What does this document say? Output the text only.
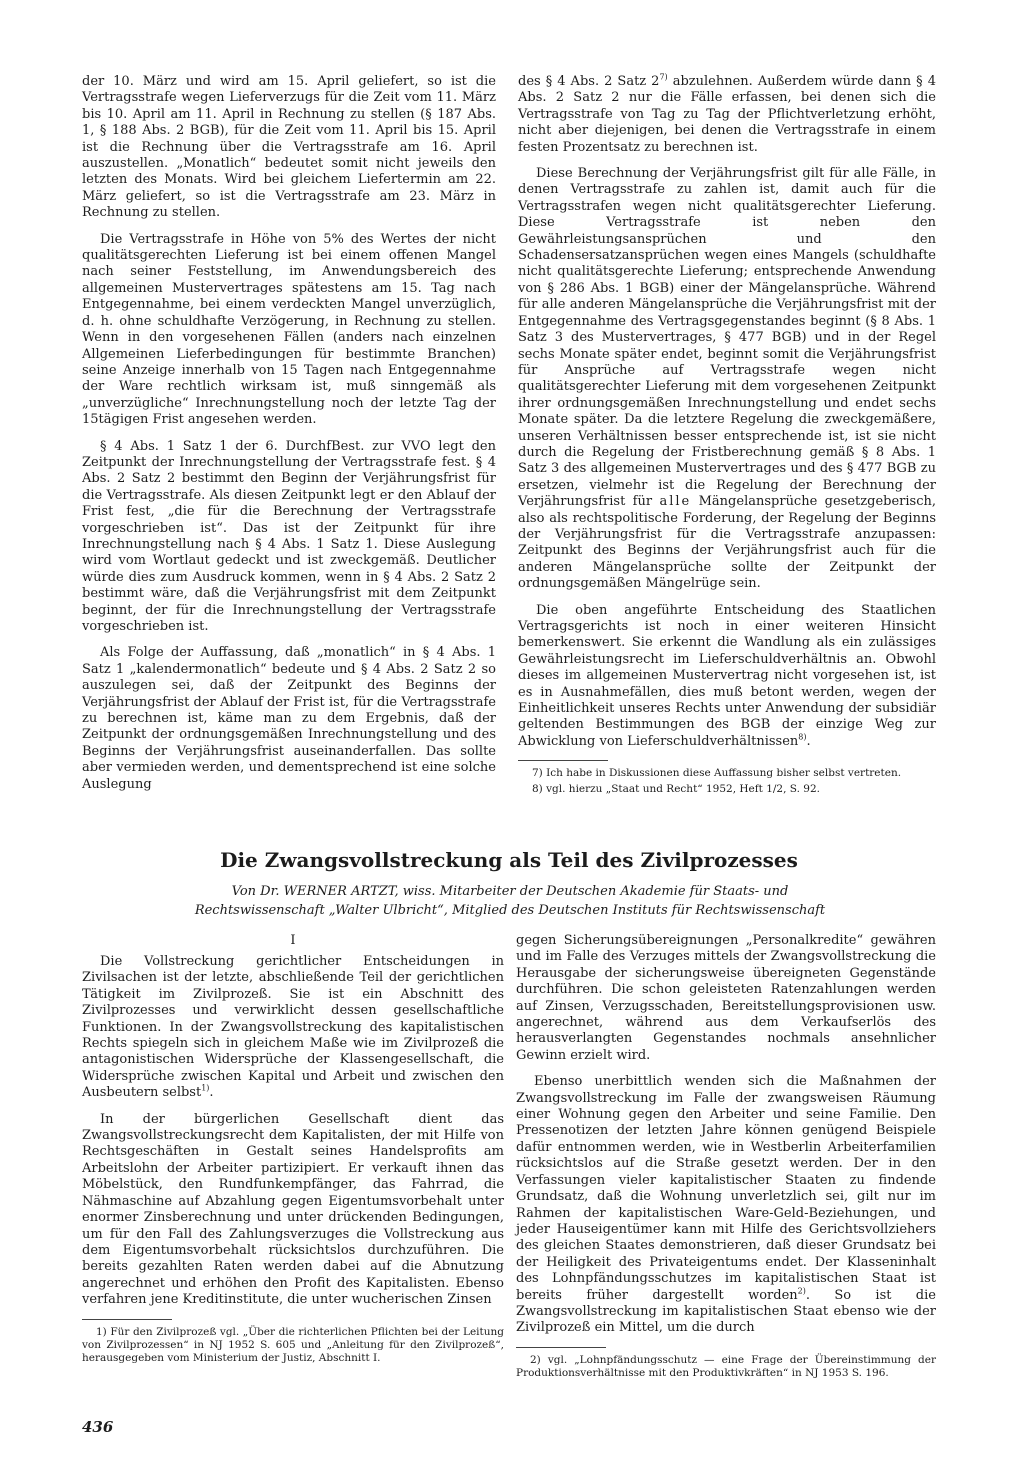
der 10. März und wird am 15. April geliefert, so ist die Vertragsstrafe wegen Lieferverzugs für die Zeit vom 11. März bis 10. April am 11. April in Rechnung zu stellen (§ 187 Abs. 1, § 188 Abs. 2 BGB), für die Zeit vom 11. April bis 15. April ist die Rechnung über die Vertragsstrafe am 16. April auszustellen. „Monatlich“ bedeutet somit nicht jeweils den letzten des Monats. Wird bei gleichem Liefertermin am 22. März geliefert, so ist die Vertragsstrafe am 23. März in Rechnung zu stellen.

Die Vertragsstrafe in Höhe von 5% des Wertes der nicht qualitätsgerechten Lieferung ist bei einem offenen Mangel nach seiner Feststellung, im Anwendungsbereich des allgemeinen Mustervertrages spätestens am 15. Tag nach Entgegennahme, bei einem verdeckten Mangel unverzüglich, d. h. ohne schuldhafte Verzögerung, in Rechnung zu stellen. Wenn in den vorgesehenen Fällen (anders nach einzelnen Allgemeinen Lieferbedingungen für bestimmte Branchen) seine Anzeige innerhalb von 15 Tagen nach Entgegennahme der Ware rechtlich wirksam ist, muß sinngemäß als „unverzügliche“ Inrechnungstellung noch der letzte Tag der 15tägigen Frist angesehen werden.

§ 4 Abs. 1 Satz 1 der 6. DurchfBest. zur VVO legt den Zeitpunkt der Inrechnungstellung der Vertragsstrafe fest. § 4 Abs. 2 Satz 2 bestimmt den Beginn der Verjährungsfrist für die Vertragsstrafe. Als diesen Zeitpunkt legt er den Ablauf der Frist fest, „die für die Berechnung der Vertragsstrafe vorgeschrieben ist“. Das ist der Zeitpunkt für ihre Inrechnungstellung nach § 4 Abs. 1 Satz 1. Diese Auslegung wird vom Wortlaut gedeckt und ist zweckgemäß. Deutlicher würde dies zum Ausdruck kommen, wenn in § 4 Abs. 2 Satz 2 bestimmt wäre, daß die Verjährungsfrist mit dem Zeitpunkt beginnt, der für die Inrechnungstellung der Vertragsstrafe vorgeschrieben ist.

Als Folge der Auffassung, daß „monatlich“ in § 4 Abs. 1 Satz 1 „kalendermonatlich“ bedeute und § 4 Abs. 2 Satz 2 so auszulegen sei, daß der Zeitpunkt des Beginns der Verjährungsfrist der Ablauf der Frist ist, für die Vertragsstrafe zu berechnen ist, käme man zu dem Ergebnis, daß der Zeitpunkt der ordnungsgemäßen Inrechnungstellung und des Beginns der Verjährungsfrist auseinanderfallen. Das sollte aber vermieden werden, und dementsprechend ist eine solche Auslegung

des § 4 Abs. 2 Satz 2$^{7)}$ abzulehnen. Außerdem würde dann § 4 Abs. 2 Satz 2 nur die Fälle erfassen, bei denen sich die Vertragsstrafe von Tag zu Tag der Pflichtverletzung erhöht, nicht aber diejenigen, bei denen die Vertragsstrafe in einem festen Prozentsatz zu berechnen ist.

Diese Berechnung der Verjährungsfrist gilt für alle Fälle, in denen Vertragsstrafe zu zahlen ist, damit auch für die Vertragsstrafen wegen nicht qualitätsgerechter Lieferung. Diese Vertragsstrafe ist neben den Gewährleistungsansprüchen und den Schadensersatzansprüchen wegen eines Mangels (schuldhafte nicht qualitätsgerechte Lieferung; entsprechende Anwendung von § 286 Abs. 1 BGB) einer der Mängelansprüche. Während für alle anderen Mängelansprüche die Verjährungsfrist mit der Entgegennahme des Vertragsgegenstandes beginnt (§ 8 Abs. 1 Satz 3 des Mustervertrages, § 477 BGB) und in der Regel sechs Monate später endet, beginnt somit die Verjährungsfrist für Ansprüche auf Vertragsstrafe wegen nicht qualitätsgerechter Lieferung mit dem vorgesehenen Zeitpunkt ihrer ordnungsgemäßen Inrechnungstellung und endet sechs Monate später. Da die letztere Regelung die zweckgemäßere, unseren Verhältnissen besser entsprechende ist, ist sie nicht durch die Regelung der Fristberechnung gemäß § 8 Abs. 1 Satz 3 des allgemeinen Mustervertrages und des § 477 BGB zu ersetzen, vielmehr ist die Regelung der Berechnung der Verjährungsfrist für alle Mängelansprüche gesetzgeberisch, also als rechtspolitische Forderung, der Regelung der Beginns der Verjährungsfrist für die Vertragsstrafe anzupassen: Zeitpunkt des Beginns der Verjährungsfrist auch für die anderen Mängelansprüche sollte der Zeitpunkt der ordnungsgemäßen Mängelrüge sein.

Die oben angeführte Entscheidung des Staatlichen Vertragsgerichts ist noch in einer weiteren Hinsicht bemerkenswert. Sie erkennt die Wandlung als ein zulässiges Gewährleistungsrecht im Lieferschuldverhältnis an. Obwohl dieses im allgemeinen Mustervertrag nicht vorgesehen ist, ist es in Ausnahmefällen, dies muß betont werden, wegen der Einheitlichkeit unseres Rechts unter Anwendung der subsidiär geltenden Bestimmungen des BGB der einzige Weg zur Abwicklung von Lieferschuldverhältnissen$^{8)}$.

7) Ich habe in Diskussionen diese Auffassung bisher selbst vertreten.

8) vgl. hierzu „Staat und Recht“ 1952, Heft 1/2, S. 92.

Die Zwangsvollstreckung als Teil des Zivilprozesses
Von Dr. WERNER ARTZT, wiss. Mitarbeiter der Deutschen Akademie für Staats- und
Rechtswissenschaft „Walter Ulbricht“, Mitglied des Deutschen Instituts für Rechtswissenschaft

I

Die Vollstreckung gerichtlicher Entscheidungen in Zivilsachen ist der letzte, abschließende Teil der gerichtlichen Tätigkeit im Zivilprozeß. Sie ist ein Abschnitt des Zivilprozesses und verwirklicht dessen gesellschaftliche Funktionen. In der Zwangsvollstreckung des kapitalistischen Rechts spiegeln sich in gleichem Maße wie im Zivilprozeß die antagonistischen Widersprüche der Klassengesellschaft, die Widersprüche zwischen Kapital und Arbeit und zwischen den Ausbeutern selbst$^{1)}$.

In der bürgerlichen Gesellschaft dient das Zwangsvollstreckungsrecht dem Kapitalisten, der mit Hilfe von Rechtsgeschäften in Gestalt seines Handelsprofits am Arbeitslohn der Arbeiter partizipiert. Er verkauft ihnen das Möbelstück, den Rundfunkempfänger, das Fahrrad, die Nähmaschine auf Abzahlung gegen Eigentumsvorbehalt unter enormer Zinsberechnung und unter drückenden Bedingungen, um für den Fall des Zahlungsverzuges die Vollstreckung aus dem Eigentumsvorbehalt rücksichtslos durchzuführen. Die bereits gezahlten Raten werden dabei auf die Abnutzung angerechnet und erhöhen den Profit des Kapitalisten. Ebenso verfahren jene Kreditinstitute, die unter wucherischen Zinsen

1) Für den Zivilprozeß vgl. „Über die richterlichen Pflichten bei der Leitung von Zivilprozessen“ in NJ 1952 S. 605 und „Anleitung für den Zivilprozeß“, herausgegeben vom Ministerium der Justiz, Abschnitt I.

gegen Sicherungsübereignungen „Personalkredite“ gewähren und im Falle des Verzuges mittels der Zwangsvollstreckung die Herausgabe der sicherungsweise übereigneten Gegenstände durchführen. Die schon geleisteten Ratenzahlungen werden auf Zinsen, Verzugsschaden, Bereitstellungsprovisionen usw. angerechnet, während aus dem Verkaufserlös des herausverlangten Gegenstandes nochmals ansehnlicher Gewinn erzielt wird.

Ebenso unerbittlich wenden sich die Maßnahmen der Zwangsvollstreckung im Falle der zwangsweisen Räumung einer Wohnung gegen den Arbeiter und seine Familie. Den Pressenotizen der letzten Jahre können genügend Beispiele dafür entnommen werden, wie in Westberlin Arbeiterfamilien rücksichtslos auf die Straße gesetzt werden. Der in den Verfassungen vieler kapitalistischer Staaten zu findende Grundsatz, daß die Wohnung unverletzlich sei, gilt nur im Rahmen der kapitalistischen Ware-Geld-Beziehungen, und jeder Hauseigentümer kann mit Hilfe des Gerichtsvollziehers des gleichen Staates demonstrieren, daß dieser Grundsatz bei der Heiligkeit des Privateigentums endet. Der Klasseninhalt des Lohnpfändungsschutzes im kapitalistischen Staat ist bereits früher dargestellt worden$^{2)}$. So ist die Zwangsvollstreckung im kapitalistischen Staat ebenso wie der Zivilprozeß ein Mittel, um die durch

2) vgl. „Lohnpfändungsschutz — eine Frage der Übereinstimmung der Produktionsverhältnisse mit den Produktivkräften“ in NJ 1953 S. 196.

436
